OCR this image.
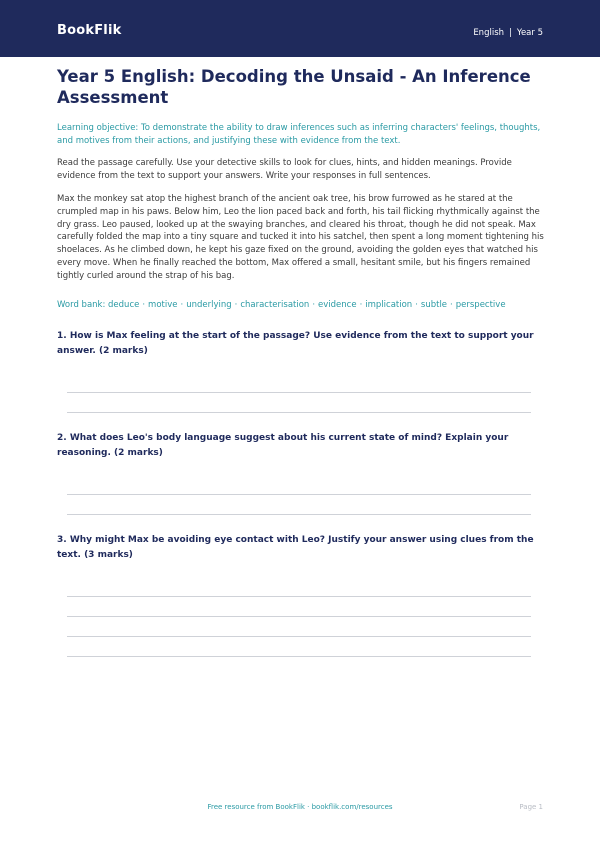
BookFlik	English | Year 5
Year 5 English: Decoding the Unsaid - An Inference Assessment

Learning objective: To demonstrate the ability to draw inferences such as inferring characters' feelings, thoughts, and motives from their actions, and justifying these with evidence from the text.

Read the passage carefully. Use your detective skills to look for clues, hints, and hidden meanings. Provide evidence from the text to support your answers. Write your responses in full sentences.

Max the monkey sat atop the highest branch of the ancient oak tree, his brow furrowed as he stared at the crumpled map in his paws. Below him, Leo the lion paced back and forth, his tail flicking rhythmically against the dry grass. Leo paused, looked up at the swaying branches, and cleared his throat, though he did not speak. Max carefully folded the map into a tiny square and tucked it into his satchel, then spent a long moment tightening his shoelaces. As he climbed down, he kept his gaze fixed on the ground, avoiding the golden eyes that watched his every move. When he finally reached the bottom, Max offered a small, hesitant smile, but his fingers remained tightly curled around the strap of his bag.

Word bank: deduce · motive · underlying · characterisation · evidence · implication · subtle · perspective

1. How is Max feeling at the start of the passage? Use evidence from the text to support your answer. (2 marks)

2. What does Leo's body language suggest about his current state of mind? Explain your reasoning. (2 marks)

3. Why might Max be avoiding eye contact with Leo? Justify your answer using clues from the text. (3 marks)

Free resource from BookFlik · bookflik.com/resources	Page 1
